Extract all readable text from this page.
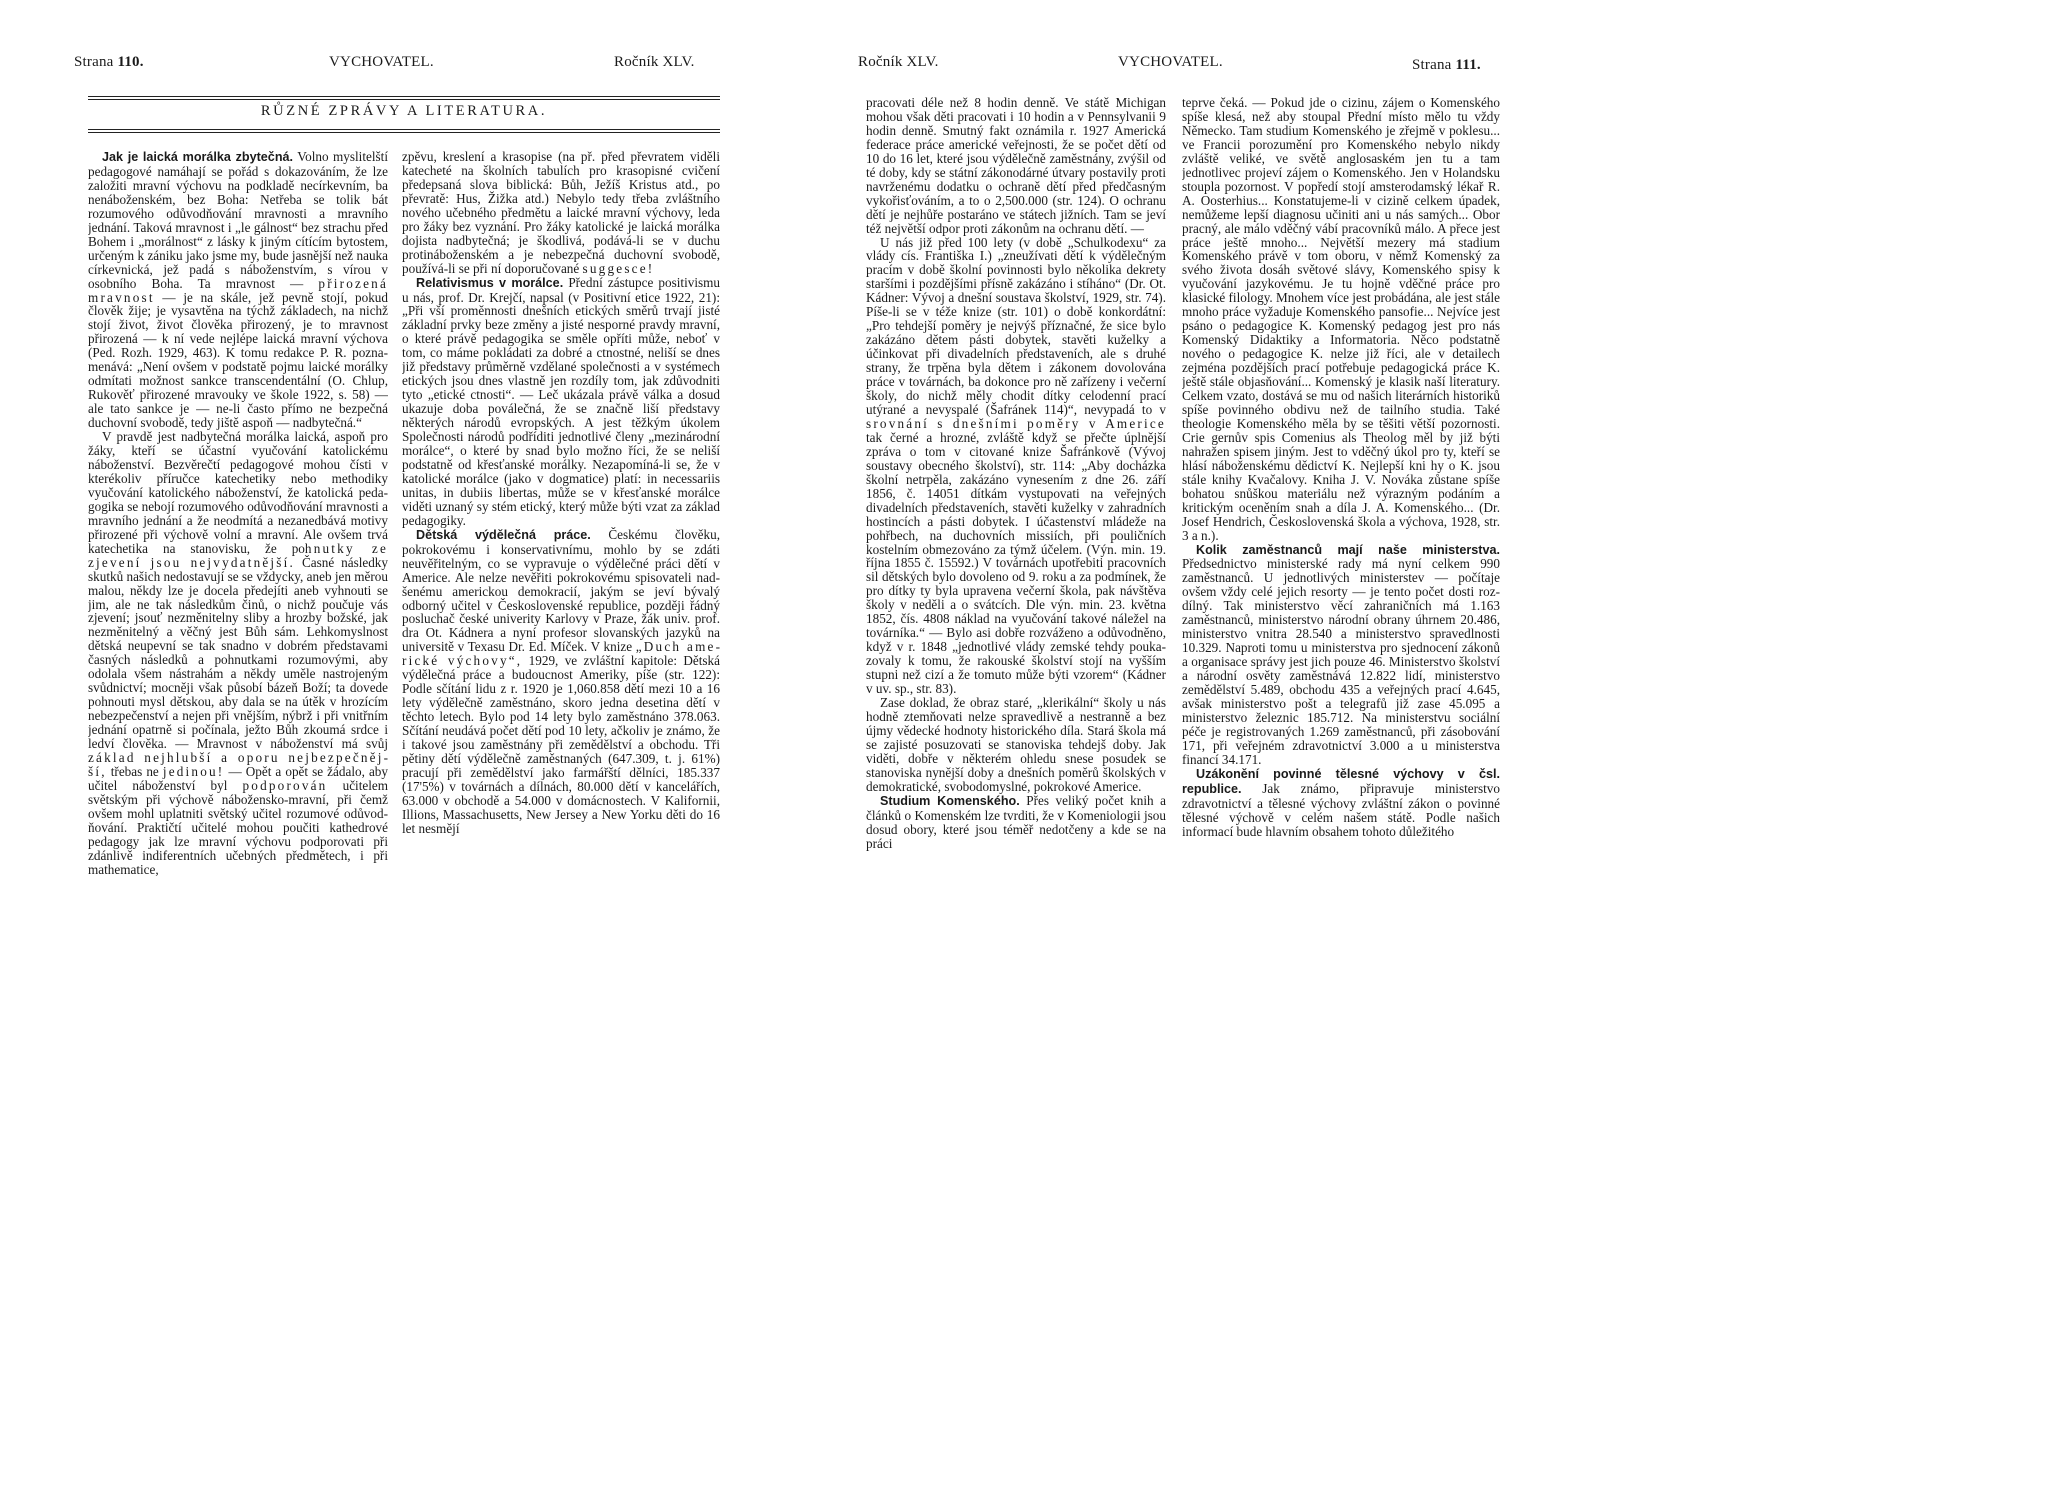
Strana 110.	VYCHOVATEL.	Ročník XLV.
RŮZNÉ ZPRÁVY A LITERATURA.

Jak je laická morálka zbytečná. Volno myslitelští pedagogové namáhají se pořád s dokazováním, že lze založiti mravní výchovu na podkladě necírkevním, ba nenáboženském, bez Boha: Netřeba se tolik bát rozumového odůvodňování mravnosti a mravního jednání. Taková mravnost i „le gálnost“ bez strachu před Bohem i „morálnost“ z lásky k jiným cítícím bytostem, určeným k zániku jako jsme my, bude jasnější než nauka církevnická, jež padá s náboženstvím, s vírou v osobního Boha. Ta mravnost — přirozená mravnost — je na skále, jež pevně stojí, pokud člověk žije; je vysavtěna na týchž základech, na nichž stojí život, život člověka přirozený, je to mravnost přirozená — k ní vede nejlépe laická mravní výchova (Ped. Rozh. 1929, 463). K tomu redakce P. R. poznamenává: „Není ovšem v podstatě pojmu laické morálky odmítati možnost sankce transcendentální (O. Chlup, Rukověť přirozené mravouky ve škole 1922, s. 58) — ale tato sankce je — ne-li často přímo ne bezpečná duchovní svobodě, tedy jiště aspoň — nadbytečná.“

V pravdě jest nadbytečná morálka laická, aspoň pro žáky, kteří se účastní vyučování katolickému náboženství. Bezvěrečtí pedagogové mohou čísti v kterékoliv příručce katechetiky nebo methodiky vyučování katolického náboženství, že katolická pedagogika se nebojí rozumového odůvodňování mravnosti a mravního jednání a že neodmítá a nezanedbává motivy přirozené při výchově volní a mravní. Ale ovšem trvá katechetika na stanovisku, že pohnutky ze zjevení jsou nejvydatnější. Časné následky skutků našich nedostavují se se vždycky, aneb jen měrou malou, někdy lze je docela předejíti aneb vyhnouti se jim, ale ne tak následkům činů, o nichž poučuje vás zjevení; jsouť nezměnitelny sliby a hrozby božské, jak nezměnitelný a věčný jest Bůh sám. Lehkomyslnost dětská neupevní se tak snadno v dobrém představami časných následků a pohnutkami rozumovými, aby odolala všem nástrahám a někdy uměle nastrojeným svůdnictví; mocněji však působí bázeň Boží; ta dovede pohnouti mysl dětskou, aby dala se na útěk v hrozícím nebezpečenství a nejen při vnějším, nýbrž i při vnitřním jednání opatrně si počínala, ježto Bůh zkoumá srdce i ledví člověka. — Mravnost v náboženství má svůj základ nejhlubší a oporu nejbezpečnější, třebas ne jedinou! — Opět a opět se žádalo, aby učitel náboženství byl podporován učitelem světským při výchově nábožensko-mravní, při čemž ovšem mohl uplatniti světský učitel rozumové odůvodňování. Praktičtí učitelé mohou poučiti kathedrové pedagogy jak lze mravní výchovu podporovati při zdánlivě indiferentních učebných předmětech, i při mathematice,

zpěvu, kreslení a krasopise (na př. před převratem viděli katecheté na školních tabulích pro krasopisné cvičení předepsaná slova biblická: Bůh, Ježíš Kristus atd., po převratě: Hus, Žižka atd.) Nebylo tedy třeba zvláštního nového učebného předmětu a laické mravní výchovy, leda pro žáky bez vyznání. Pro žáky katolické je laická morálka dojista nadbytečná; je škodlivá, podává-li se v duchu protináboženském a je nebezpečná duchovní svobodě, používá-li se při ní doporučované suggesce!

Relativismus v morálce. Přední zástupce positivismu u nás, prof. Dr. Krejčí, napsal (v Positivní etice 1922, 21): „Při vší proměnnosti dnešních etických směrů trvají jisté základní prvky beze změny a jisté nesporné pravdy mravní, o které právě pedagogika se směle opříti může, neboť v tom, co máme pokládati za dobré a ctnostné, neliší se dnes již představy průměrně vzdělané společnosti a v systémech etických jsou dnes vlastně jen rozdíly tom, jak zdůvodniti tyto „etické ctnosti“. — Leč ukázala právě válka a dosud ukazuje doba poválečná, že se značně liší představy některých národů evropských. A jest těžkým úkolem Společnosti národů podříditi jednotlivé členy „mezinárodní morálce“, o které by snad bylo možno říci, že se neliší podstatně od křesťanské morálky. Nezapomíná-li se, že v katolické morálce (jako v dogmatice) platí: in necessariis unitas, in dubiis libertas, může se v křesťanské morálce viděti uznaný sy stém etický, který může býti vzat za základ pedagogiky.

Dětská výdělečná práce. Českému člověku, pokrokovému i konservativnímu, mohlo by se zdáti neuvěřitelným, co se vypravuje o výdělečné práci dětí v Americe. Ale nelze nevěřiti pokrokovému spisovateli nadšenému americkou demokracií, jakým se jeví bývalý odborný učitel v Československé republice, později řádný posluchač české univerity Karlovy v Praze, žák univ. prof. dra Ot. Kádnera a nyní profesor slovanských jazyků na universitě v Texasu Dr. Ed. Míček. V knize „Duch americké výchovy“, 1929, ve zvláštní kapitole: Dětská výdělečná práce a budoucnost Ameriky, píše (str. 122): Podle sčítání lidu z r. 1920 je 1,060.858 dětí mezi 10 a 16 lety výdělečně zaměstnáno, skoro jedna desetina dětí v těchto letech. Bylo pod 14 lety bylo zaměstnáno 378.063. Sčítání neudává počet dětí pod 10 lety, ačkoliv je známo, že i takové jsou zaměstnány při zemědělství a obchodu. Tři pětiny dětí výdělečně zaměstnaných (647.309, t. j. 61%) pracují při zemědělství jako farmářští dělníci, 185.337 (17'5%) v továrnách a dílnách, 80.000 dětí v kancelářích, 63.000 v obchodě a 54.000 v domácnostech. V Kalifornii, Illions, Massachusetts, New Jersey a New Yorku děti do 16 let nesmějí

Ročník XLV.	VYCHOVATEL.	Strana 111.

pracovati déle než 8 hodin denně. Ve státě Michigan mohou však děti pracovati i 10 hodin a v Pennsylvanii 9 hodin denně. Smutný fakt oznámila r. 1927 Americká federace práce americké veřejnosti, že se počet dětí od 10 do 16 let, které jsou výdělečně zaměstnány, zvýšil od té doby, kdy se státní zákonodárné útvary postavily proti navrženému dodatku o ochraně dětí před předčasným vykořisťováním, a to o 2,500.000 (str. 124). O ochranu dětí je nejhůře postaráno ve státech jižních. Tam se jeví též největší odpor proti zákonům na ochranu dětí. —

U nás již před 100 lety (v době „Schulkodexu“ za vlády cís. Františka I.) „zneužívati dětí k výdělečným pracím v době školní povinnosti bylo několika dekrety staršími i pozdějšími přísně zakázáno i stíháno“ (Dr. Ot. Kádner: Vývoj a dnešní soustava školství, 1929, str. 74). Píše-li se v téže knize (str. 101) o době konkordátní: „Pro tehdejší poměry je nejvýš příznačné, že sice bylo zakázáno dětem pásti dobytek, stavěti kuželky a účinkovat při divadelních představeních, ale s druhé strany, že trpěna byla dětem i zákonem dovolována práce v továrnách, ba dokonce pro ně zařízeny i večerní školy, do nichž měly chodit dítky celodenní prací utýrané a nevyspalé (Šafránek 114)“, nevypadá to v srovnání s dnešními poměry v Americe tak černé a hrozné, zvláště když se přečte úplnější zpráva o tom v citované knize Šafránkově (Vývoj soustavy obecného školství), str. 114: „Aby docházka školní netrpěla, zakázáno vynesením z dne 26. září 1856, č. 14051 dítkám vystupovati na veřejných divadelních představeních, stavěti kuželky v zahradních hostincích a pásti dobytek. I účastenství mládeže na pohřbech, na duchovních missiích, při pouličních kostelním obmezováno za týmž účelem. (Výn. min. 19. října 1855 č. 15592.) V továrnách upotřebiti pracovních sil dětských bylo dovoleno od 9. roku a za podmínek, že pro dítky ty byla upravena večerní škola, pak návštěva školy v neděli a o svátcích. Dle výn. min. 23. května 1852, čís. 4808 náklad na vyučování takové náležel na továrníka.“ — Bylo asi dobře rozváženo a odůvodněno, když v r. 1848 „jednotlivé vlády zemské tehdy poukazovaly k tomu, že rakouské školství stojí na vyšším stupni než cizí a že tomuto může býti vzorem“ (Kádner v uv. sp., str. 83).

Zase doklad, že obraz staré, „klerikální“ školy u nás hodně ztemňovati nelze spravedlivě a nestranně a bez újmy vědecké hodnoty historického díla. Stará škola má se zajisté posuzovati se stanoviska tehdejš doby. Jak viděti, dobře v některém ohledu snese posudek se stanoviska nynější doby a dnešních poměrů školských v demokratické, svobodomyslné, pokrokové Americe.

Studium Komenského. Přes veliký počet knih a článků o Komenském lze tvrditi, že v Komeniologii jsou dosud obory, které jsou téměř nedotčeny a kde se na práci

teprve čeká. — Pokud jde o cizinu, zájem o Komenského spíše klesá, než aby stoupal Přední místo mělo tu vždy Německo. Tam studium Komenského je zřejmě v poklesu... ve Francii porozumění pro Komenského nebylo nikdy zvláště veliké, ve světě anglosaském jen tu a tam jednotlivec projeví zájem o Komenského. Jen v Holandsku stoupla pozornost. V popředí stojí amsterodamský lékař R. A. Oosterhius... Konstatujeme-li v cizině celkem úpadek, nemůžeme lepší diagnosu učiniti ani u nás samých... Obor pracný, ale málo vděčný vábí pracovníků málo. A přece jest práce ještě mnoho... Největší mezery má stadium Komenského právě v tom oboru, v němž Komenský za svého života dosáh světové slávy, Komenského spisy k vyučování jazykovému. Je tu hojně vděčné práce pro klasické filology. Mnohem více jest probádána, ale jest stále mnoho práce vyžaduje Komenského pansofie... Nejvíce jest psáno o pedagogice K. Komenský pedagog jest pro nás Komenský Didaktiky a Informatoria. Něco podstatně nového o pedagogice K. nelze již říci, ale v detailech zejména pozdějších prací potřebuje pedagogická práce K. ještě stále objasňování... Komenský je klasik naší literatury. Celkem vzato, dostává se mu od našich literárních historiků spíše povinného obdivu než de tailního studia. Také theologie Komenského měla by se těšiti větší pozornosti. Crie gernův spis Comenius als Theolog měl by již býti nahražen spisem jiným. Jest to vděčný úkol pro ty, kteří se hlásí náboženskému dědictví K. Nejlepší kni hy o K. jsou stále knihy Kvačalovy. Kniha J. V. Nováka zůstane spíše bohatou snůškou materiálu než výrazným podáním a kritickým oceněním snah a díla J. A. Komenského... (Dr. Josef Hendrich, Československá škola a výchova, 1928, str. 3 a n.).

Kolik zaměstnanců mají naše ministerstva. Předsednictvo ministerské rady má nyní celkem 990 zaměstnanců. U jednotlivých ministerstev — počítaje ovšem vždy celé jejich resorty — je tento počet dosti rozdílný. Tak ministerstvo věcí zahraničních má 1.163 zaměstnanců, ministerstvo národní obrany úhrnem 20.486, ministerstvo vnitra 28.540 a ministerstvo spravedlnosti 10.329. Naproti tomu u ministerstva pro sjednocení zákonů a organisace správy jest jich pouze 46. Ministerstvo školství a národní osvěty zaměstnává 12.822 lidí, ministerstvo zemědělství 5.489, obchodu 435 a veřejných prací 4.645, avšak ministerstvo pošt a telegrafů již zase 45.095 a ministerstvo železnic 185.712. Na ministerstvu sociální péče je registrovaných 1.269 zaměstnanců, při zásobování 171, při veřejném zdravotnictví 3.000 a u ministerstva financí 34.171.

Uzákonění povinné tělesné výchovy v čsl. republice. Jak známo, připravuje ministerstvo zdravotnictví a tělesné výchovy zvláštní zákon o povinné tělesné výchově v celém našem státě. Podle našich informací bude hlavním obsahem tohoto důležitého
